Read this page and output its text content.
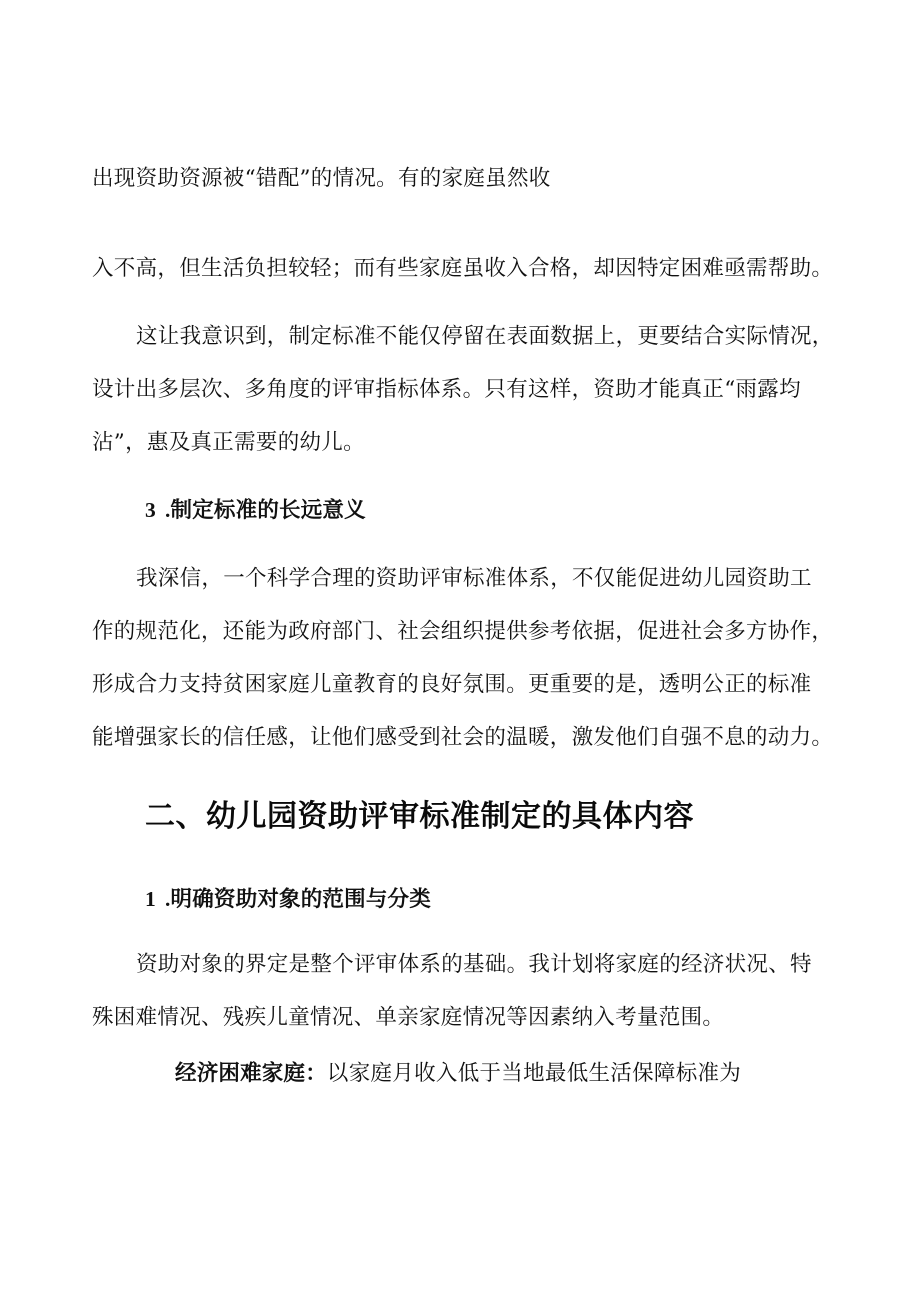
出现资助资源被“错配”的情况。有的家庭虽然收
入不高，但生活负担较轻；而有些家庭虽收入合格，却因特定困难亟需帮助。
这让我意识到，制定标准不能仅停留在表面数据上，更要结合实际情况，
设计出多层次、多角度的评审指标体系。只有这样，资助才能真正“雨露均
沾”，惠及真正需要的幼儿。
3 .制定标准的长远意义
我深信，一个科学合理的资助评审标准体系，不仅能促进幼儿园资助工
作的规范化，还能为政府部门、社会组织提供参考依据，促进社会多方协作，
形成合力支持贫困家庭儿童教育的良好氛围。更重要的是，透明公正的标准
能增强家长的信任感，让他们感受到社会的温暖，激发他们自强不息的动力。
二、幼儿园资助评审标准制定的具体内容
1 .明确资助对象的范围与分类
资助对象的界定是整个评审体系的基础。我计划将家庭的经济状况、特
殊困难情况、残疾儿童情况、单亲家庭情况等因素纳入考量范围。
经济困难家庭：以家庭月收入低于当地最低生活保障标准为
